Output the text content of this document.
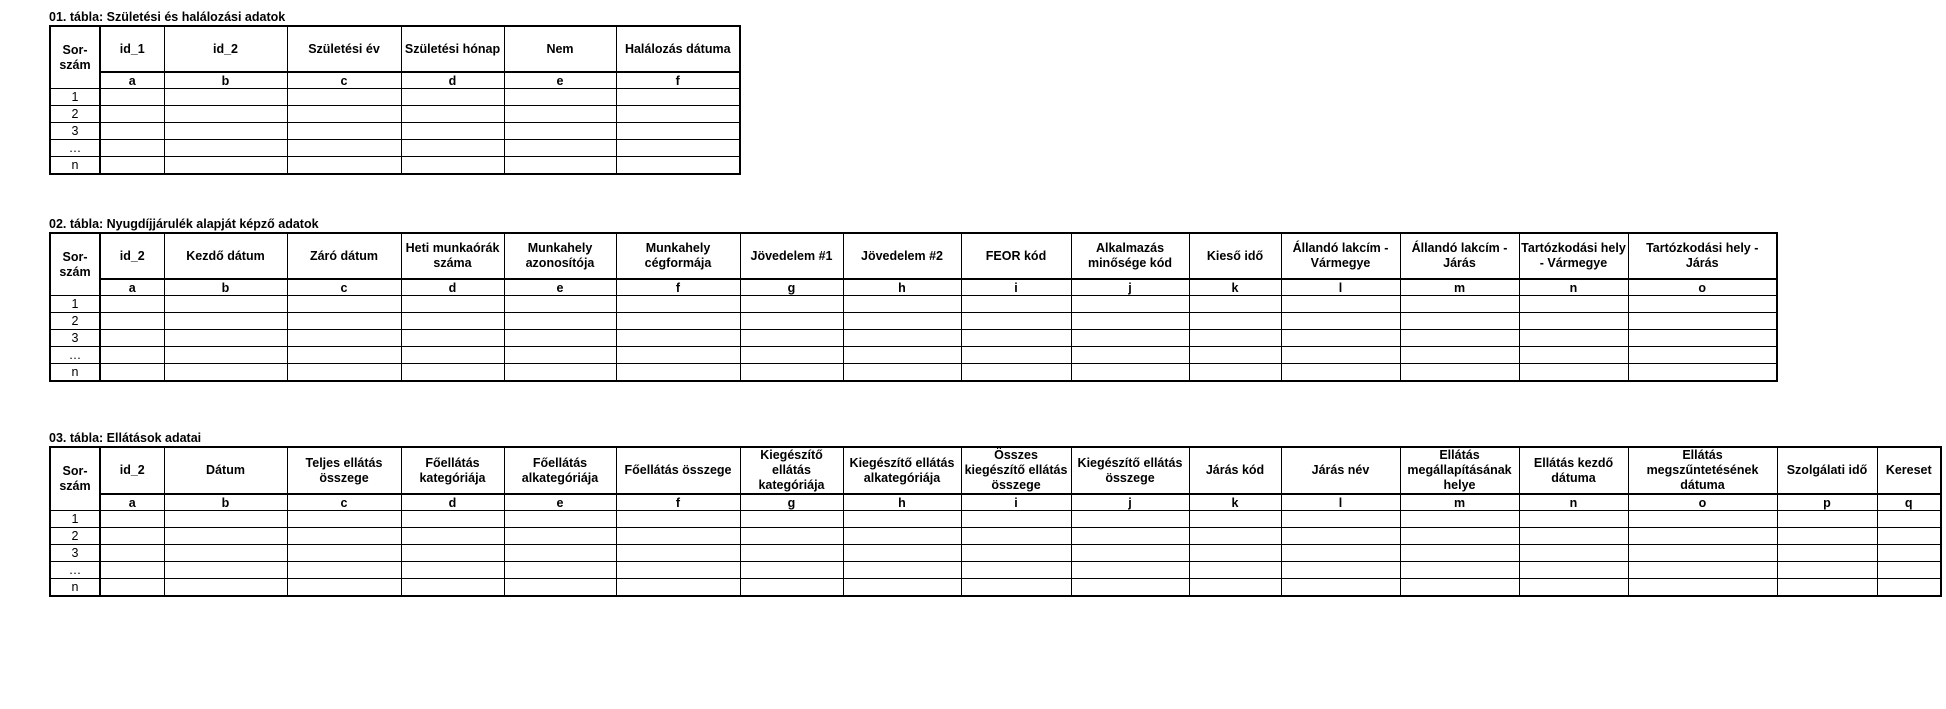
01. tábla: Születési és halálozási adatok
Sor-
szám	id_1	id_2	Születési év	Születési hónap	Nem	Halálozás dátuma

	a	b	c	d	e	f
1						
2						
3						
…						
n						
02. tábla: Nyugdíjjárulék alapját képző adatok
Sor-
szám	id_2	Kezdő dátum	Záró dátum	Heti munkaórák száma	Munkahely azonosítója	Munkahely cégformája	Jövedelem #1	Jövedelem #2	FEOR kód	Alkalmazás minősége kód	Kieső idő	Állandó lakcím - Vármegye	Állandó lakcím - Járás	Tartózkodási hely - Vármegye	Tartózkodási hely - Járás

	a	b	c	d	e	f	g	h	i	j	k	l	m	n	o
1															
2															
3															
…															
n															
03. tábla: Ellátások adatai
Sor-
szám	id_2	Dátum	Teljes ellátás összege	Főellátás kategóriája	Főellátás alkategóriája	Főellátás összege	Kiegészítő ellátás kategóriája	Kiegészítő ellátás alkategóriája	Összes kiegészítő ellátás összege	Kiegészítő ellátás összege	Járás kód	Járás név	Ellátás megállapításának helye	Ellátás kezdő dátuma	Ellátás megszűntetésének dátuma	Szolgálati idő	Kereset

	a	b	c	d	e	f	g	h	i	j	k	l	m	n	o	p	q
1																	
2																	
3																	
…																	
n																	
